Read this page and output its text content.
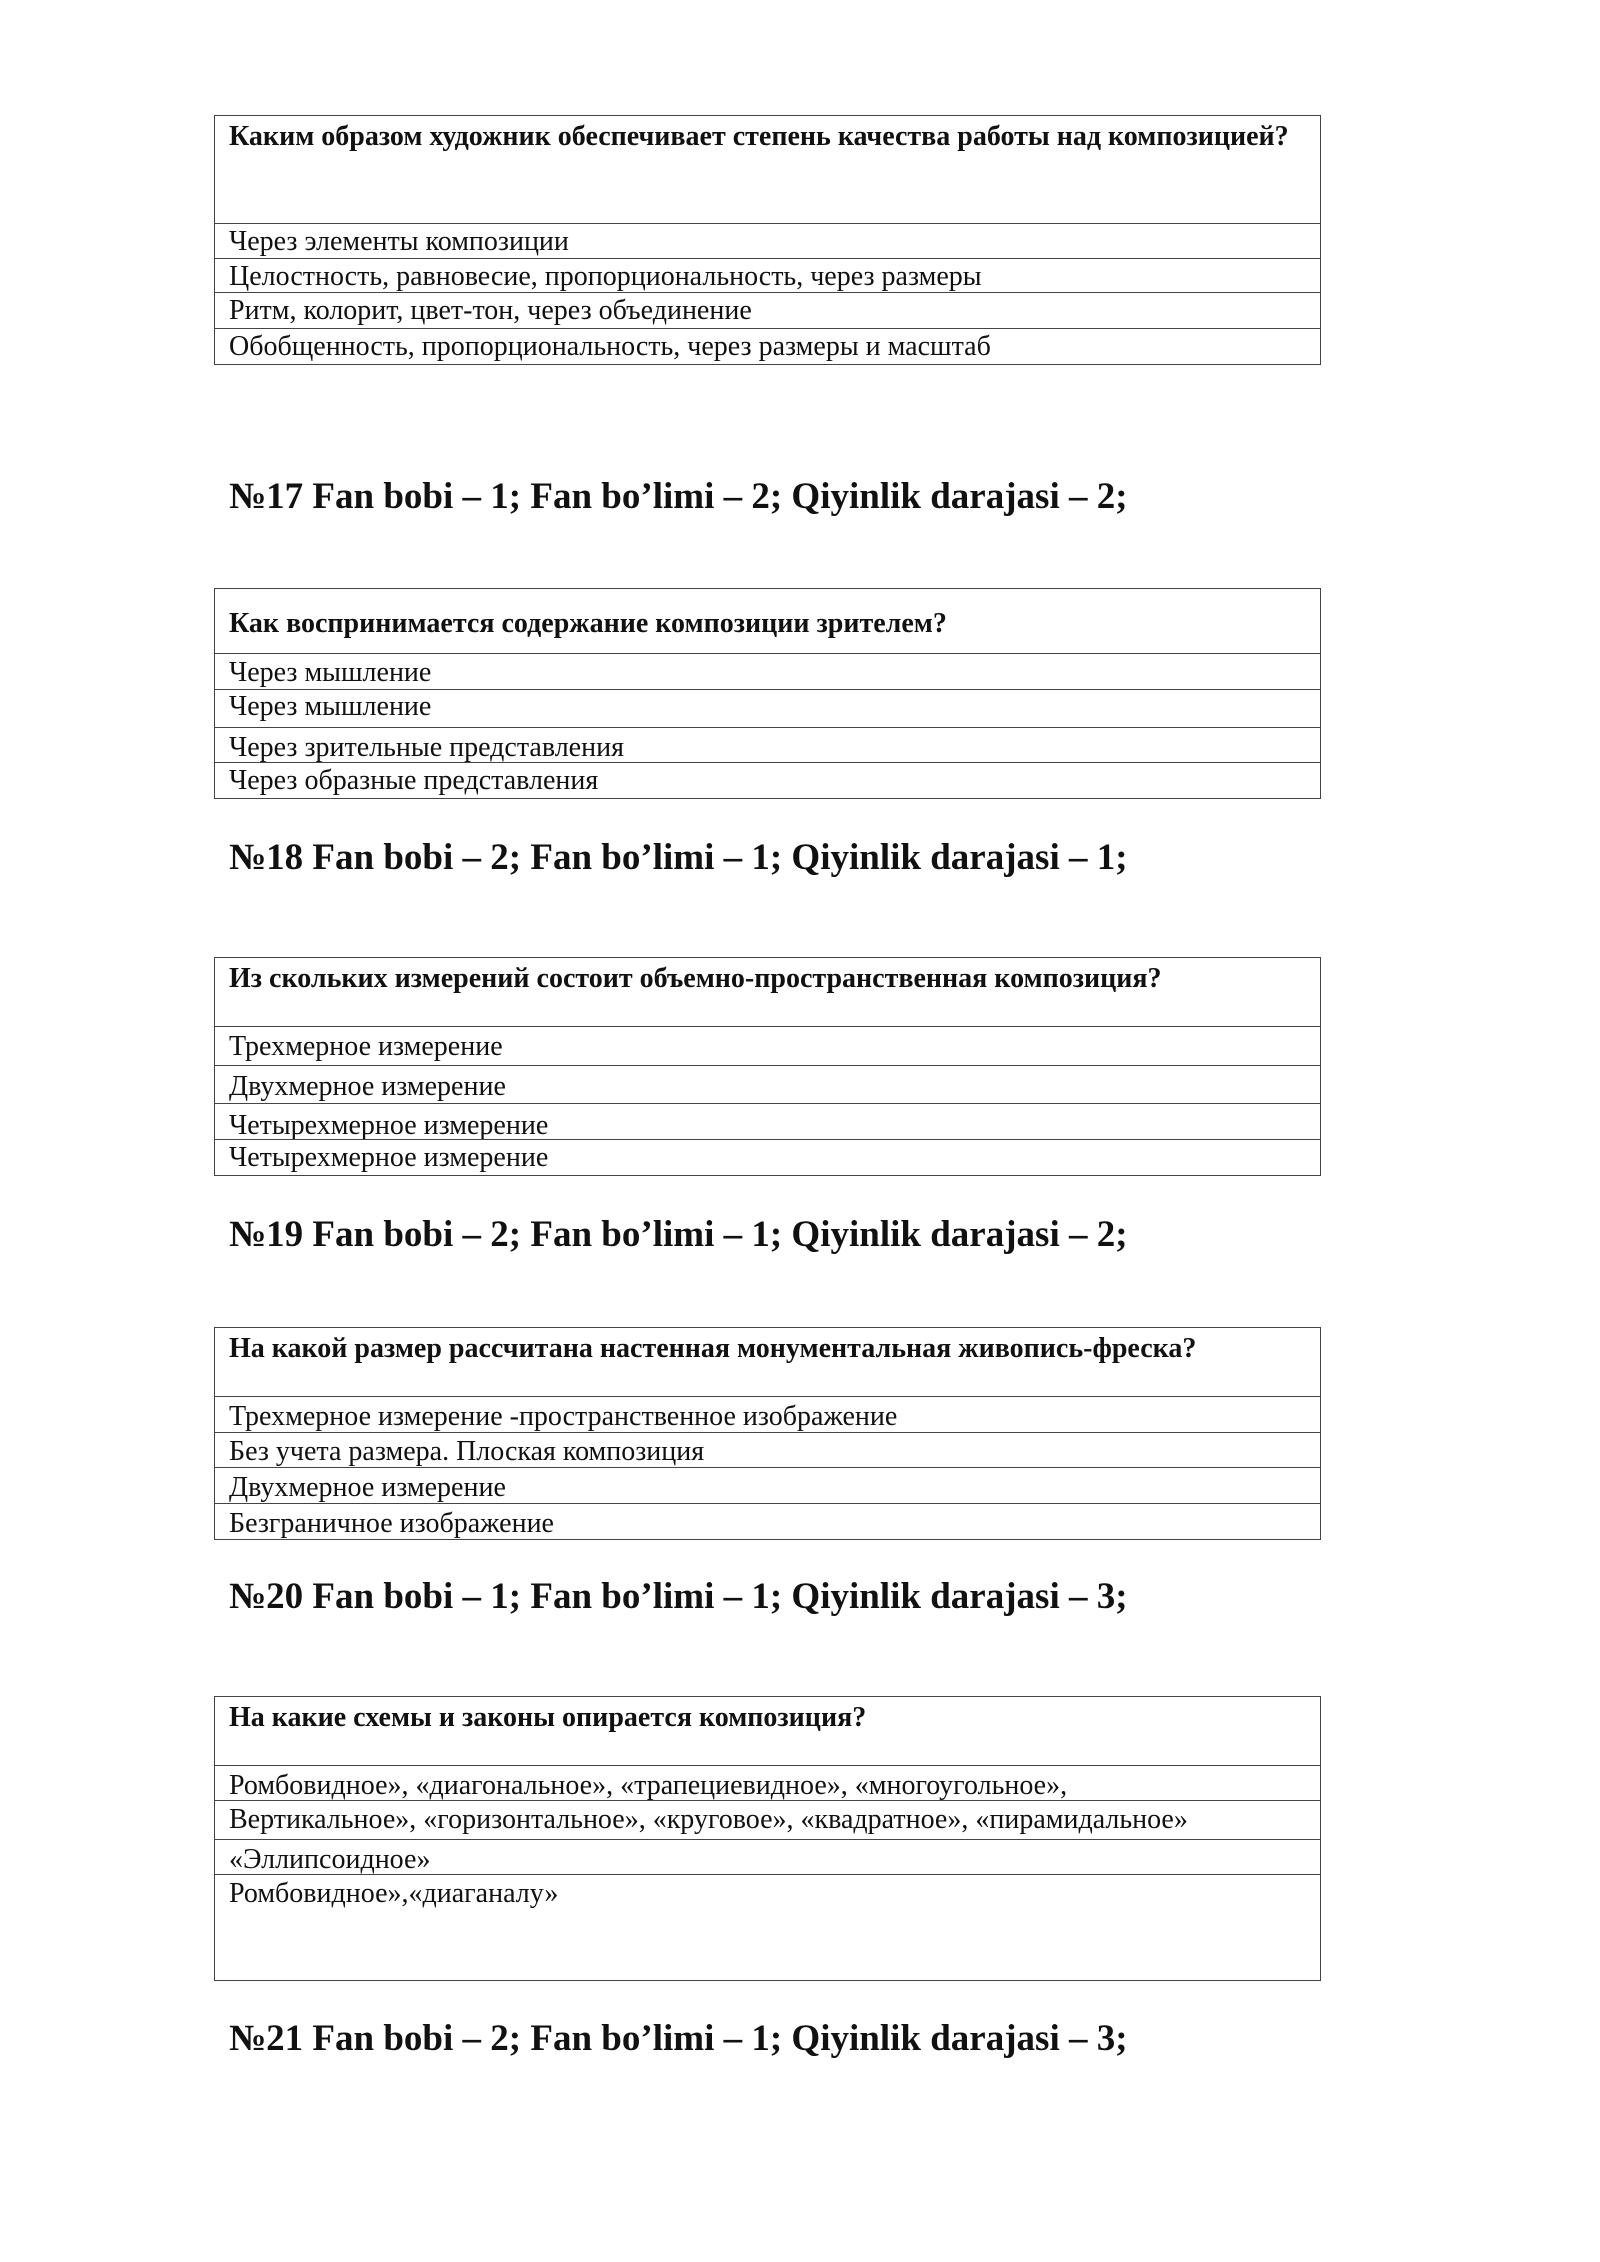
Каким образом художник обеспечивает степень качества работы над композицией?
Через элементы композиции
Целостность, равновесие, пропорциональность, через размеры
Ритм, колорит, цвет-тон, через объединение
Обобщенность, пропорциональность, через размеры и масштаб
№17 Fan bobi – 1; Fan bo’limi – 2; Qiyinlik darajasi – 2;
Как воспринимается содержание композиции зрителем?
Через мышление
Через мышление
Через зрительные представления
Через образные представления
№18 Fan bobi – 2; Fan bo’limi – 1; Qiyinlik darajasi – 1;
Из скольких измерений состоит объемно-пространственная композиция?
Трехмерное измерение
Двухмерное измерение
Четырехмерное измерение
Четырехмерное измерение
№19 Fan bobi – 2; Fan bo’limi – 1; Qiyinlik darajasi – 2;
На какой размер рассчитана настенная монументальная живопись-фреска?
Трехмерное измерение -пространственное изображение
Без учета размера. Плоская композиция
Двухмерное измерение
Безграничное изображение
№20 Fan bobi – 1; Fan bo’limi – 1; Qiyinlik darajasi – 3;
На какие схемы и законы опирается композиция?
Ромбовидное», «диагональное», «трапециевидное», «многоугольное»,
Вертикальное», «горизонтальное», «круговое», «квадратное», «пирамидальное»
«Эллипсоидное»
Ромбовидное»,«диаганалу»
№21 Fan bobi – 2; Fan bo’limi – 1; Qiyinlik darajasi – 3;
